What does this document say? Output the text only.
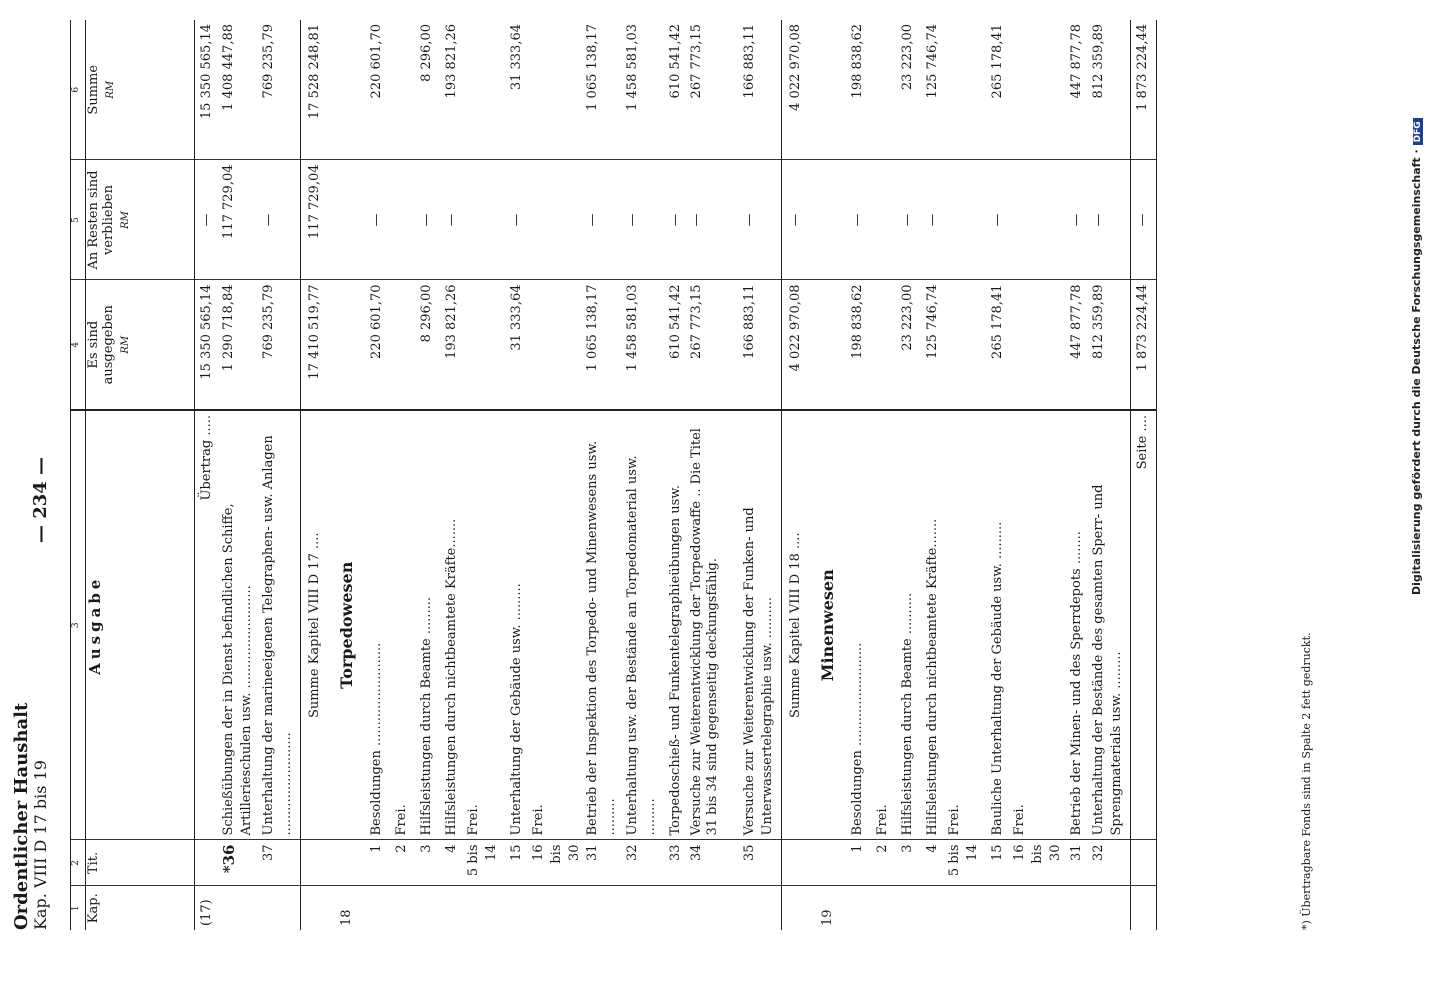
Ordentlicher Haushalt Kap. VIII D 17 bis 19
— 234 —
1	2	3	4	5	6
Kap.	Tit.	Ausgabe	Es sind ausgegeben RM	An Resten sind verblieben RM	Summe RM

(17)		Übertrag .....	15 350 565,14	—	15 350 565,14
	*36	Schießübungen der in Dienst befindlichen Schiffe, Artillerieschulen usw. .........................	1 290 718,84	117 729,04	1 408 447,88
	37	Unterhaltung der marineeigenen Telegraphen- usw. Anlagen .........................	769 235,79	—	769 235,79
		Summe Kapitel VIII D 17 ....	17 410 519,77	117 729,04	17 528 248,81
18		Torpedowesen			
	1	Besoldungen .........................	220 601,70	—	220 601,70
	2	Frei.			
	3	Hilfsleistungen durch Beamte .........	8 296,00	—	8 296,00
	4	Hilfsleistungen durch nichtbeamtete Kräfte.......	193 821,26	—	193 821,26
	5 bis 14	Frei.			
	15	Unterhaltung der Gebäude usw. .........	31 333,64	—	31 333,64
	16 bis 30	Frei.			
	31	Betrieb der Inspektion des Torpedo- und Minenwesens usw. .........	1 065 138,17	—	1 065 138,17
	32	Unterhaltung usw. der Bestände an Torpedomaterial usw. .........	1 458 581,03	—	1 458 581,03
	33	Torpedoschieß- und Funkentelegraphieübungen usw.	610 541,42	—	610 541,42
	34	Versuche zur Weiterentwicklung der Torpedowaffe .. Die Titel 31 bis 34 sind gegenseitig deckungsfähig.	267 773,15	—	267 773,15
	35	Versuche zur Weiterentwicklung der Funken- und Unterwassertelegraphie usw. ..........	166 883,11	—	166 883,11
		Summe Kapitel VIII D 18 ....	4 022 970,08	—	4 022 970,08
19		Minenwesen			
	1	Besoldungen .........................	198 838,62	—	198 838,62
	2	Frei.			
	3	Hilfsleistungen durch Beamte ..........	23 223,00	—	23 223,00
	4	Hilfsleistungen durch nichtbeamtete Kräfte.......	125 746,74	—	125 746,74
	5 bis 14	Frei.			
	15	Bauliche Unterhaltung der Gebäude usw. .........	265 178,41	—	265 178,41
	16 bis 30	Frei.			
	31	Betrieb der Minen- und des Sperrdepots ........	447 877,78	—	447 877,78
	32	Unterhaltung der Bestände des gesamten Sperr- und Sprengmaterials usw. .........	812 359,89	—	812 359,89
		Seite ....	1 873 224,44	—	1 873 224,44
*) Übertragbare Fonds sind in Spalte 2 fett gedruckt.
Digitalisierung gefördert durch die Deutsche Forschungsgemeinschaft ·DFG
